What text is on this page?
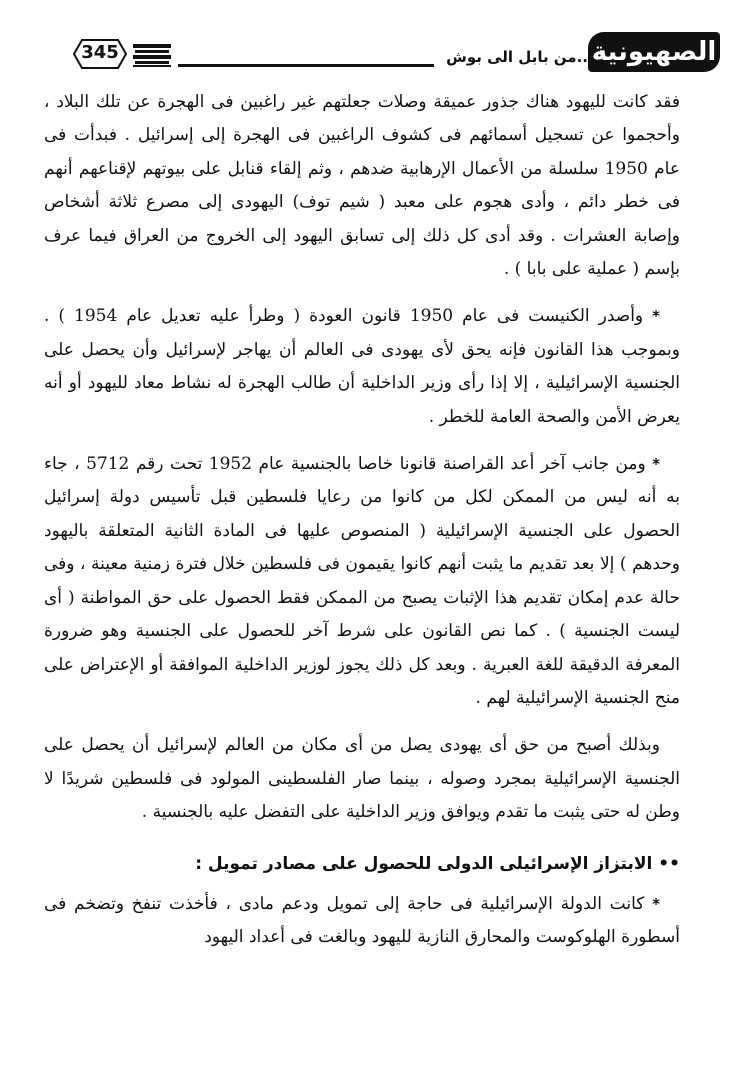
345	..من بابل الى بوش الصهيونية

فقد كانت لليهود هناك جذور عميقة وصلات جعلتهم غير راغبين فى الهجرة عن تلك البلاد ، وأحجموا عن تسجيل أسمائهم فى كشوف الراغبين فى الهجرة إلى إسرائيل . فبدأت فى عام 1950 سلسلة من الأعمال الإرهابية ضدهم ، وثم إلقاء قنابل على بيوتهم لإقناعهم أنهم فى خطر دائم ، وأدى هجوم على معبد ( شيم توف) اليهودى إلى مصرع ثلاثة أشخاص وإصابة العشرات . وقد أدى كل ذلك إلى تسابق اليهود إلى الخروج من العراق فيما عرف بإسم ( عملية على بابا ) .

* وأصدر الكنيست فى عام 1950 قانون العودة ( وطرأ عليه تعديل عام 1954 ) . وبموجب هذا القانون فإنه يحق لأى يهودى فى العالم أن يهاجر لإسرائيل وأن يحصل على الجنسية الإسرائيلية ، إلا إذا رأى وزير الداخلية أن طالب الهجرة له نشاط معاد لليهود أو أنه يعرض الأمن والصحة العامة للخطر .

* ومن جانب آخر أعد القراصنة قانونا خاصا بالجنسية عام 1952 تحت رقم 5712 ، جاء به أنه ليس من الممكن لكل من كانوا من رعايا فلسطين قبل تأسيس دولة إسرائيل الحصول على الجنسية الإسرائيلية ( المنصوص عليها فى المادة الثانية المتعلقة باليهود وحدهم ) إلا بعد تقديم ما يثبت أنهم كانوا يقيمون فى فلسطين خلال فترة زمنية معينة ، وفى حالة عدم إمكان تقديم هذا الإثبات يصبح من الممكن فقط الحصول على حق المواطنة ( أى ليست الجنسية ) . كما نص القانون على شرط آخر للحصول على الجنسية وهو ضرورة المعرفة الدقيقة للغة العبرية . وبعد كل ذلك يجوز لوزير الداخلية الموافقة أو الإعتراض على منح الجنسية الإسرائيلية لهم .

وبذلك أصبح من حق أى يهودى يصل من أى مكان من العالم لإسرائيل أن يحصل على الجنسية الإسرائيلية بمجرد وصوله ، بينما صار الفلسطينى المولود فى فلسطين شريدًا لا وطن له حتى يثبت ما تقدم ويوافق وزير الداخلية على التفضل عليه بالجنسية .

•• الابتزاز الإسرائيلى الدولى للحصول على مصادر تمويل :

* كانت الدولة الإسرائيلية فى حاجة إلى تمويل ودعم مادى ، فأخذت تنفخ وتضخم فى أسطورة الهلوكوست والمحارق النازية لليهود وبالغت فى أعداد اليهود
